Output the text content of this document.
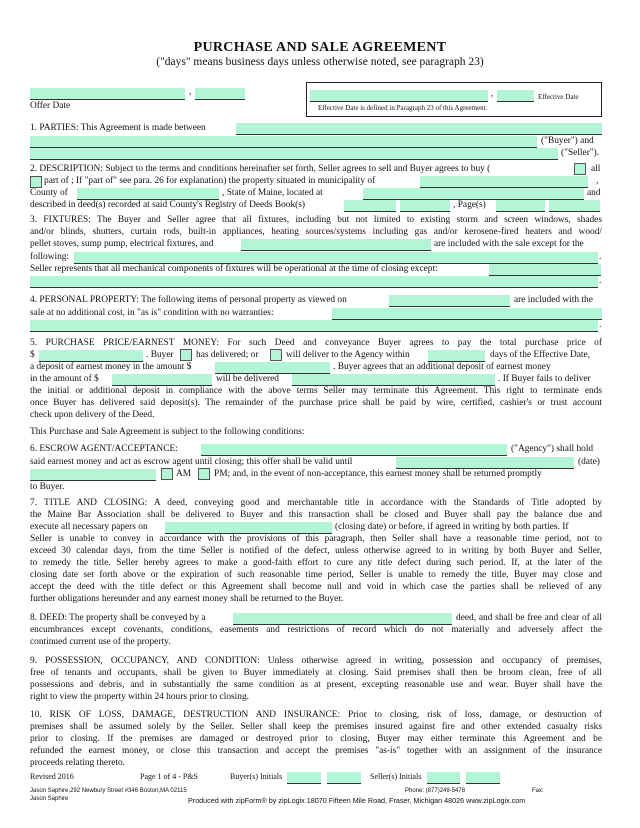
PURCHASE AND SALE AGREEMENT
("days" means business days unless otherwise noted, see paragraph 23)
,
Offer Date
,	Effective Date
Effective Date is defined in Paragraph 23 of this Agreement.
1. PARTIES: This Agreement is made between
("Buyer") and
("Seller").
2. DESCRIPTION: Subject to the terms and conditions hereinafter set forth, Seller agrees to sell and Buyer agrees to buy (	all
part of ; If "part of" see para. 26 for explanation) the property situated in municipality of	,
County of	, State of Maine, located at	and
described in deed(s) recorded at said County's Registry of Deeds Book(s)	, Page(s)
3. FIXTURES: The Buyer and Seller agree that all fixtures, including but not limited to existing storm and screen windows, shades
and/or blinds, shutters, curtain rods, built-in appliances, heating sources/systems including gas and/or kerosene-fired heaters and wood/
pellet stoves, sump pump, electrical fixtures, and	are included with the sale except for the
following:	.
Seller represents that all mechanical components of fixtures will be operational at the time of closing except:
.
4. PERSONAL PROPERTY: The following items of personal property as viewed on	are included with the
sale at no additional cost, in "as is" condition with no warranties:
.
5. PURCHASE PRICE/EARNEST MONEY: For such Deed and conveyance Buyer agrees to pay the total purchase price of
$	. Buyer has delivered; or	will deliver to the Agency within	days of the Effective Date,
a deposit of earnest money in the amount $	. Buyer agrees that an additional deposit of earnest money
in the amount of $	will be delivered	. If Buyer fails to deliver
the initial or additional deposit in compliance with the above terms Seller may terminate this Agreement. This right to terminate ends
once Buyer has delivered said deposit(s). The remainder of the purchase price shall be paid by wire, certified, cashier's or trust account
check upon delivery of the Deed.
This Purchase and Sale Agreement is subject to the following conditions:
6. ESCROW AGENT/ACCEPTANCE:	("Agency") shall hold
said earnest money and act as escrow agent until closing; this offer shall be valid until	(date)
AM PM; and, in the event of non-acceptance, this earnest money shall be returned promptly
to Buyer.
7. TITLE AND CLOSING: A deed, conveying good and merchantable title in accordance with the Standards of Title adopted by
the Maine Bar Association shall be delivered to Buyer and this transaction shall be closed and Buyer shall pay the balance due and
execute all necessary papers on	(closing date) or before, if agreed in writing by both parties. If
Seller is unable to convey in accordance with the provisions of this paragraph, then Seller shall have a reasonable time period, not to
exceed 30 calendar days, from the time Seller is notified of the defect, unless otherwise agreed to in writing by both Buyer and Seller,
to remedy the title. Seller hereby agrees to make a good-faith effort to cure any title defect during such period. If, at the later of the
closing date set forth above or the expiration of such reasonable time period, Seller is unable to remedy the title, Buyer may close and
accept the deed with the title defect or this Agreement shall become null and void in which case the parties shall be relieved of any
further obligations hereunder and any earnest money shall be returned to the Buyer.
8. DEED: The property shall be conveyed by a	deed, and shall be free and clear of all
encumbrances except covenants, conditions, easements and restrictions of record which do not materially and adversely affect the
continued current use of the property.
9. POSSESSION, OCCUPANCY, AND CONDITION: Unless otherwise agreed in writing, possession and occupancy of premises,
free of tenants and occupants, shall be given to Buyer immediately at closing. Said premises shall then be broom clean, free of all
possessions and debris, and in substantially the same condition as at present, excepting reasonable use and wear. Buyer shall have the
right to view the property within 24 hours prior to closing.
10. RISK OF LOSS, DAMAGE, DESTRUCTION AND INSURANCE: Prior to closing, risk of loss, damage, or destruction of
premises shall be assumed solely by the Seller. Seller shall keep the premises insured against fire and other extended casualty risks
prior to closing. If the premises are damaged or destroyed prior to closing, Buyer may either terminate this Agreement and be
refunded the earnest money, or close this transaction and accept the premises "as-is" together with an assignment of the insurance
proceeds relating thereto.
Revised 2016	Page 1 of 4 - P&S	Buyer(s) Initials	Seller(s) Initials
Jason Saphire,292 Newbury Street #346 Boston,MA 02115
Jason Saphire
Phone: (877)249-5478	Fax:
Produced with zipForm® by zipLogix 18070 Fifteen Mile Road, Fraser, Michigan 48026 www.zipLogix.com
